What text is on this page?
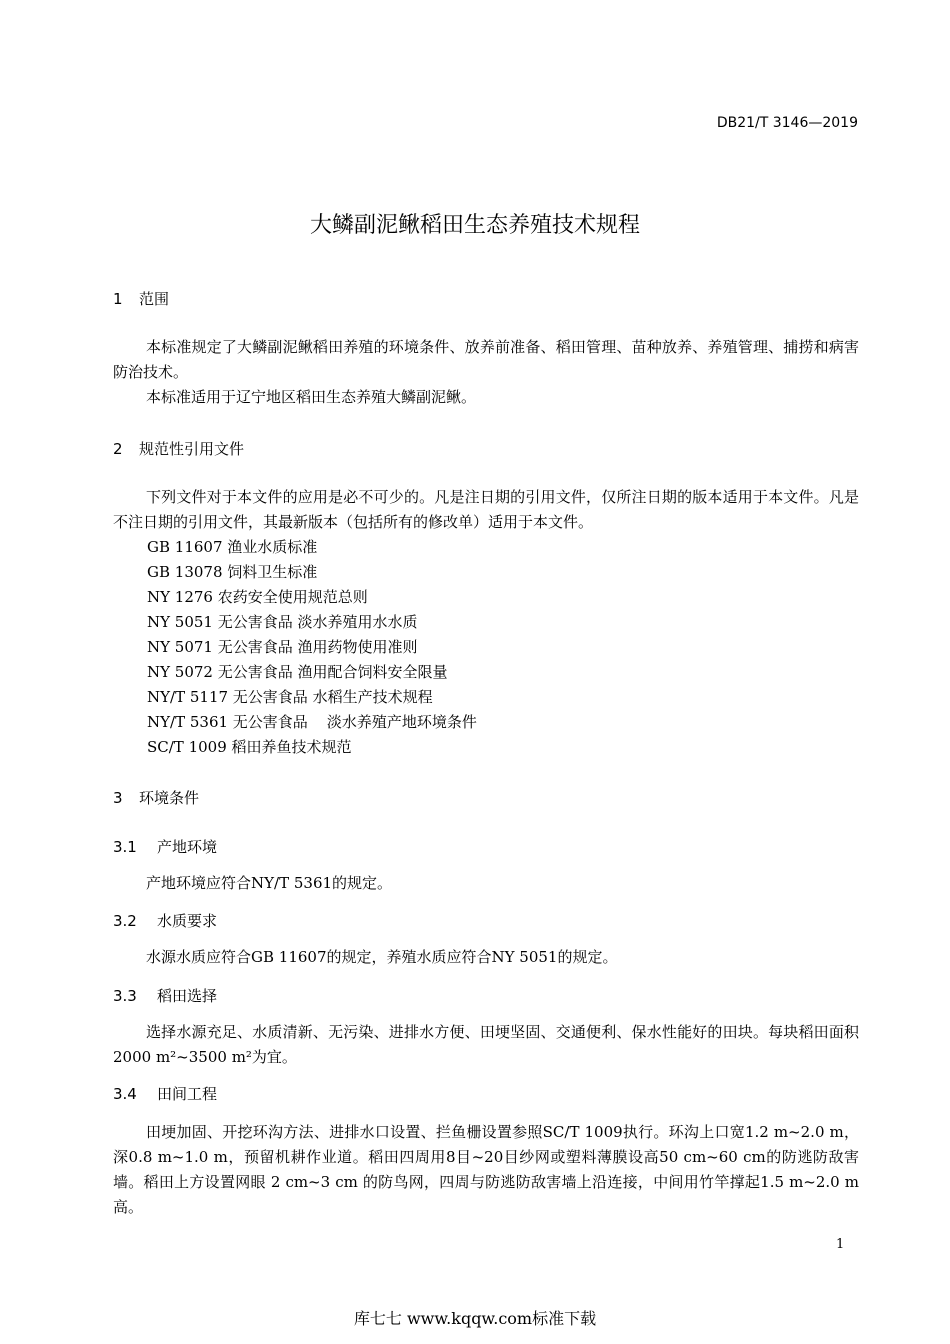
DB21/T 3146—2019
大鳞副泥鳅稻田生态养殖技术规程
1 范围
本标准规定了大鳞副泥鳅稻田养殖的环境条件、放养前准备、稻田管理、苗种放养、养殖管理、捕捞和病害防治技术。
本标准适用于辽宁地区稻田生态养殖大鳞副泥鳅。
2 规范性引用文件
下列文件对于本文件的应用是必不可少的。凡是注日期的引用文件，仅所注日期的版本适用于本文件。凡是不注日期的引用文件，其最新版本（包括所有的修改单）适用于本文件。
GB 11607 渔业水质标准
GB 13078 饲料卫生标准
NY 1276 农药安全使用规范总则
NY 5051 无公害食品 淡水养殖用水水质
NY 5071 无公害食品 渔用药物使用准则
NY 5072 无公害食品 渔用配合饲料安全限量
NY/T 5117 无公害食品 水稻生产技术规程
NY/T 5361 无公害食品    淡水养殖产地环境条件
SC/T 1009 稻田养鱼技术规范
3 环境条件
3.1 产地环境
产地环境应符合NY/T 5361的规定。
3.2 水质要求
水源水质应符合GB 11607的规定，养殖水质应符合NY 5051的规定。
3.3 稻田选择
选择水源充足、水质清新、无污染、进排水方便、田埂坚固、交通便利、保水性能好的田块。每块稻田面积2000 m²~3500 m²为宜。
3.4 田间工程
田埂加固、开挖环沟方法、进排水口设置、拦鱼栅设置参照SC/T 1009执行。环沟上口宽1.2 m~2.0 m，深0.8 m~1.0 m，预留机耕作业道。稻田四周用8目~20目纱网或塑料薄膜设高50 cm~60 cm的防逃防敌害墙。稻田上方设置网眼 2 cm~3 cm 的防鸟网，四周与防逃防敌害墙上沿连接，中间用竹竿撑起1.5 m~2.0 m高。
1
库七七 www.kqqw.com标准下载
